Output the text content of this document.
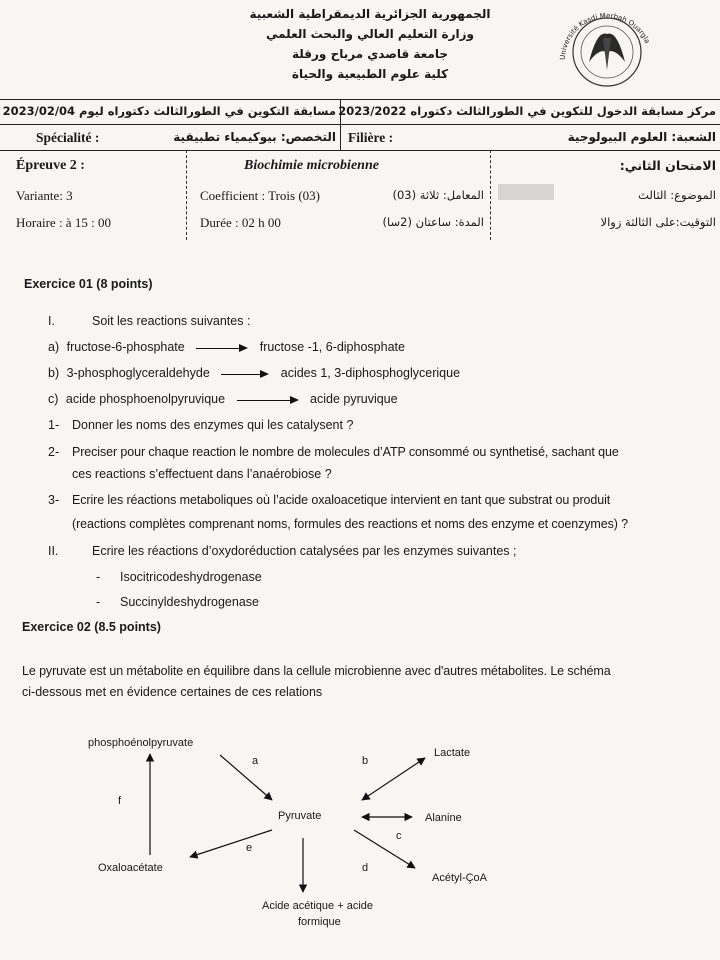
الجمهورية الجزائرية الديمقراطية الشعبية
وزارة التعليم العالي والبحث العلمي
جامعة قاصدي مرباح ورقلة
كلية علوم الطبيعية والحياة
Université Kasdi Merbah Ouargla
مسابقة التكوين في الطورالثالث دكتوراه ليوم 2023/02/04 مركز مسابقة الدخول للتكوين في الطورالثالث دكتوراه 2023/2022
Spécialité :	التخصص: بيوكيمياء تطبيقية Filière :	الشعبة: العلوم البيولوجية
Épreuve 2 :	Biochimie microbienne	الامتحان الثاني:
Variante: 3	Coefficient : Trois (03)	المعامل: ثلاثة (03)	الموضوع: الثالث
Horaire : à 15 : 00	Durée : 02 h 00	المدة: ساعتان (2سا)	التوقيت:على الثالثة زوالا
Exercice 01 (8 points)
I.	Soit les reactions suivantes :
a) fructose-6-phosphate	fructose -1, 6-diphosphate
b) 3-phosphoglyceraldehyde	acides 1, 3-diphosphoglycerique
c) acide phosphoenolpyruvique	acide pyruvique
1- Donner les noms des enzymes qui les catalysent ?
2- Preciser pour chaque reaction le nombre de molecules d’ATP consommé ou synthetisé, sachant que
ces reactions s’effectuent dans l’anaérobiose ?
3- Ecrire les réactions metaboliques où l’acide oxaloacetique intervient en tant que substrat ou produit
(reactions complètes comprenant noms, formules des reactions et noms des enzyme et coenzymes) ?
II.	Ecrire les réactions d’oxydoréduction catalysées par les enzymes suivantes ;
- Isocitricodeshydrogenase
- Succinyldeshydrogenase
Exercice 02 (8.5 points)
Le pyruvate est un métabolite en équilibre dans la cellule microbienne avec d'autres métabolites. Le schéma
ci-dessous met en évidence certaines de ces relations
phosphoénolpyruvate
Lactate
Pyruvate	Alanine
Oxaloacétate
Acétyl-ÇoA
Acide acétique + acide
formique
a	b
c
d
e
f
